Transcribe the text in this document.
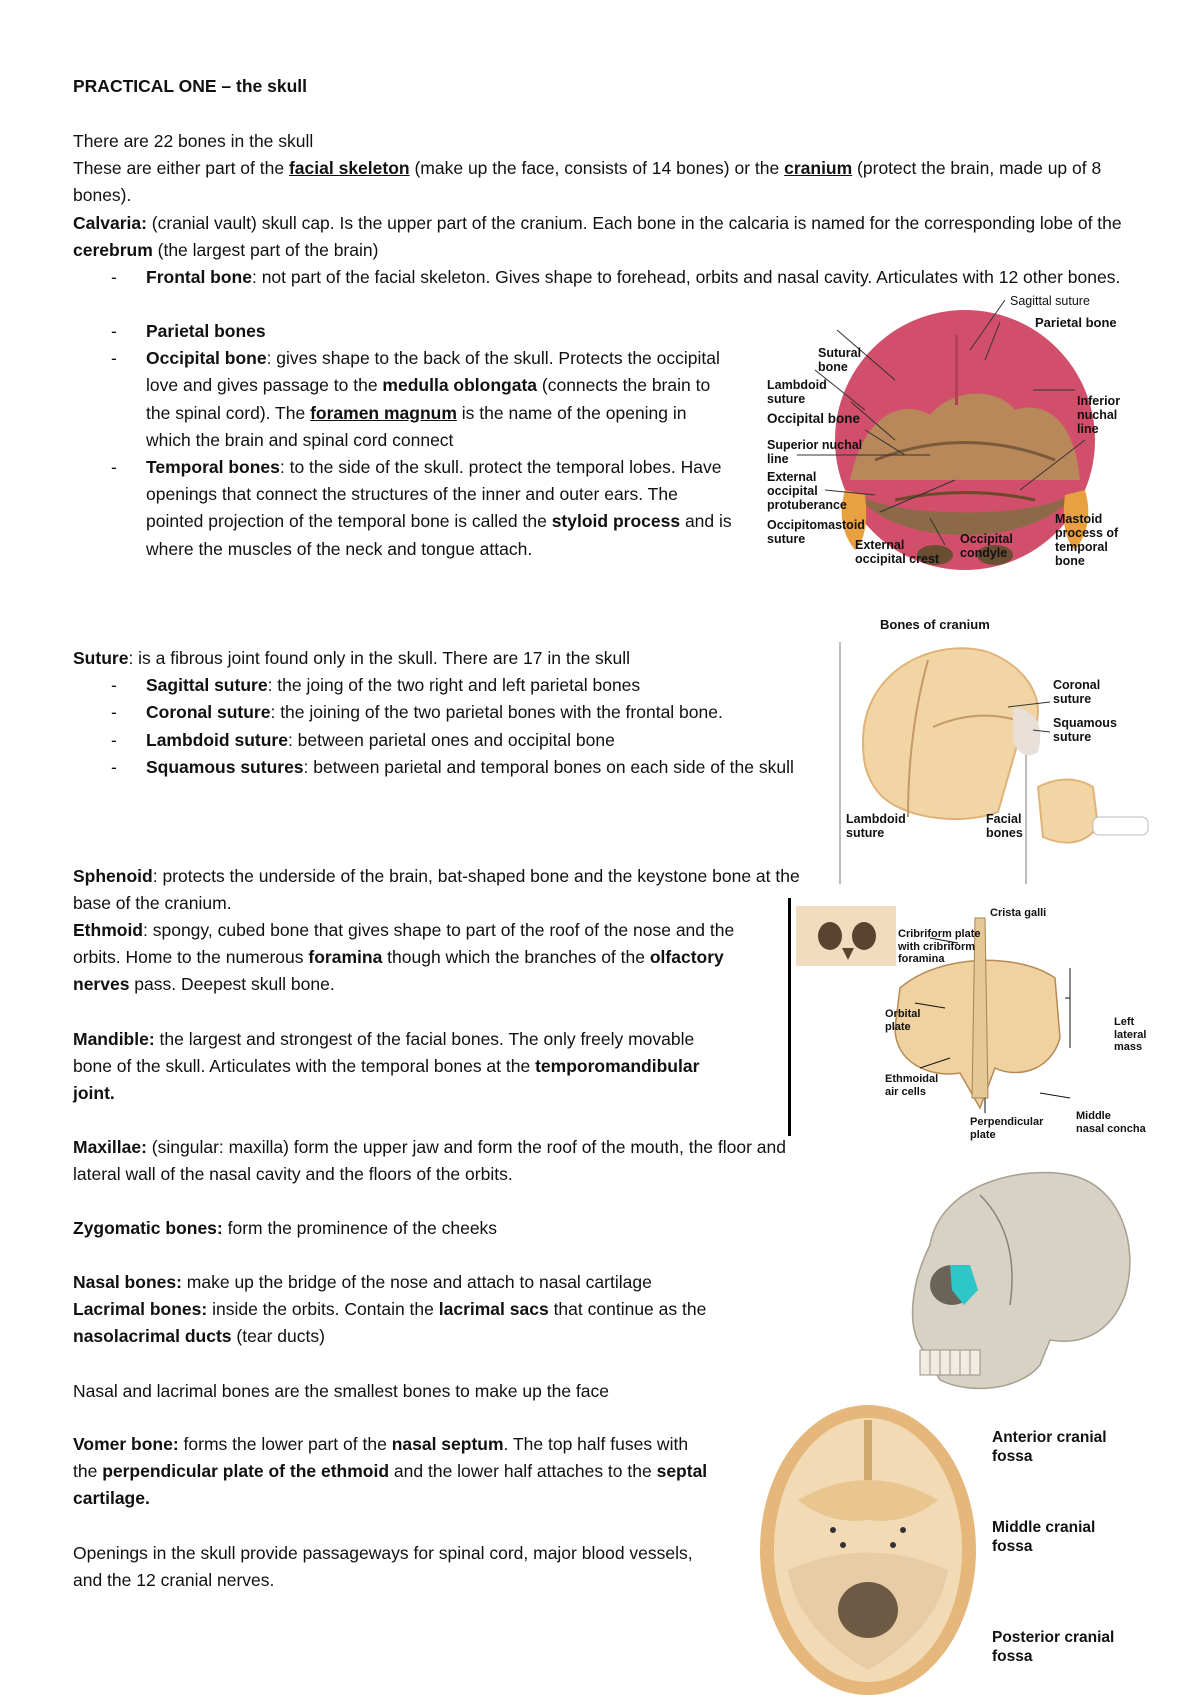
PRACTICAL ONE – the skull

There are 22 bones in the skull

These are either part of the facial skeleton (make up the face, consists of 14 bones) or the cranium (protect the brain, made up of 8 bones).

Calvaria: (cranial vault) skull cap. Is the upper part of the cranium. Each bone in the calcaria is named for the corresponding lobe of the cerebrum (the largest part of the brain)

- Frontal bone: not part of the facial skeleton. Gives shape to forehead, orbits and nasal cavity. Articulates with 12 other bones.
- Parietal bones
- Occipital bone: gives shape to the back of the skull. Protects the occipital love and gives passage to the medulla oblongata (connects the brain to the spinal cord). The foramen magnum is the name of the opening in which the brain and spinal cord connect
- Temporal bones: to the side of the skull. protect the temporal lobes. Have openings that connect the structures of the inner and outer ears. The pointed projection of the temporal bone is called the styloid process and is where the muscles of the neck and tongue attach.

Suture: is a fibrous joint found only in the skull. There are 17 in the skull

- Sagittal suture: the joing of the two right and left parietal bones
- Coronal suture: the joining of the two parietal bones with the frontal bone.
- Lambdoid suture: between parietal ones and occipital bone
- Squamous sutures: between parietal and temporal bones on each side of the skull

Sphenoid: protects the underside of the brain, bat-shaped bone and the keystone bone at the base of the cranium.

Ethmoid: spongy, cubed bone that gives shape to part of the roof of the nose and the orbits. Home to the numerous foramina though which the branches of the olfactory nerves pass. Deepest skull bone.

Mandible: the largest and strongest of the facial bones. The only freely movable bone of the skull. Articulates with the temporal bones at the temporomandibular joint.

Maxillae: (singular: maxilla) form the upper jaw and form the roof of the mouth, the floor and lateral wall of the nasal cavity and the floors of the orbits.

Zygomatic bones: form the prominence of the cheeks

Nasal bones: make up the bridge of the nose and attach to nasal cartilage

Lacrimal bones: inside the orbits. Contain the lacrimal sacs that continue as the nasolacrimal ducts (tear ducts)

Nasal and lacrimal bones are the smallest bones to make up the face

Vomer bone: forms the lower part of the nasal septum. The top half fuses with the perpendicular plate of the ethmoid and the lower half attaches to the septal cartilage.

Openings in the skull provide passageways for spinal cord, major blood vessels, and the 12 cranial nerves.

Sagittal suture
Parietal bone
Sutural
bone
Lambdoid
suture
Occipital bone
Superior nuchal
line
External
occipital
protuberance
Occipitomastoid
suture	External
occipital crest
Occipital
condyle
Inferior
nuchal
line
Mastoid
process of
temporal
bone
Bones of cranium
Coronal
suture
Squamous
suture
Lambdoid
suture
Facial
bones
Crista galli
Cribriform plate
with cribriform
foramina
Orbital
plate
Ethmoidal
air cells
Perpendicular
plate
Left
lateral
mass
Middle
nasal concha
Anterior cranial
fossa
Middle cranial
fossa
Posterior cranial
fossa
